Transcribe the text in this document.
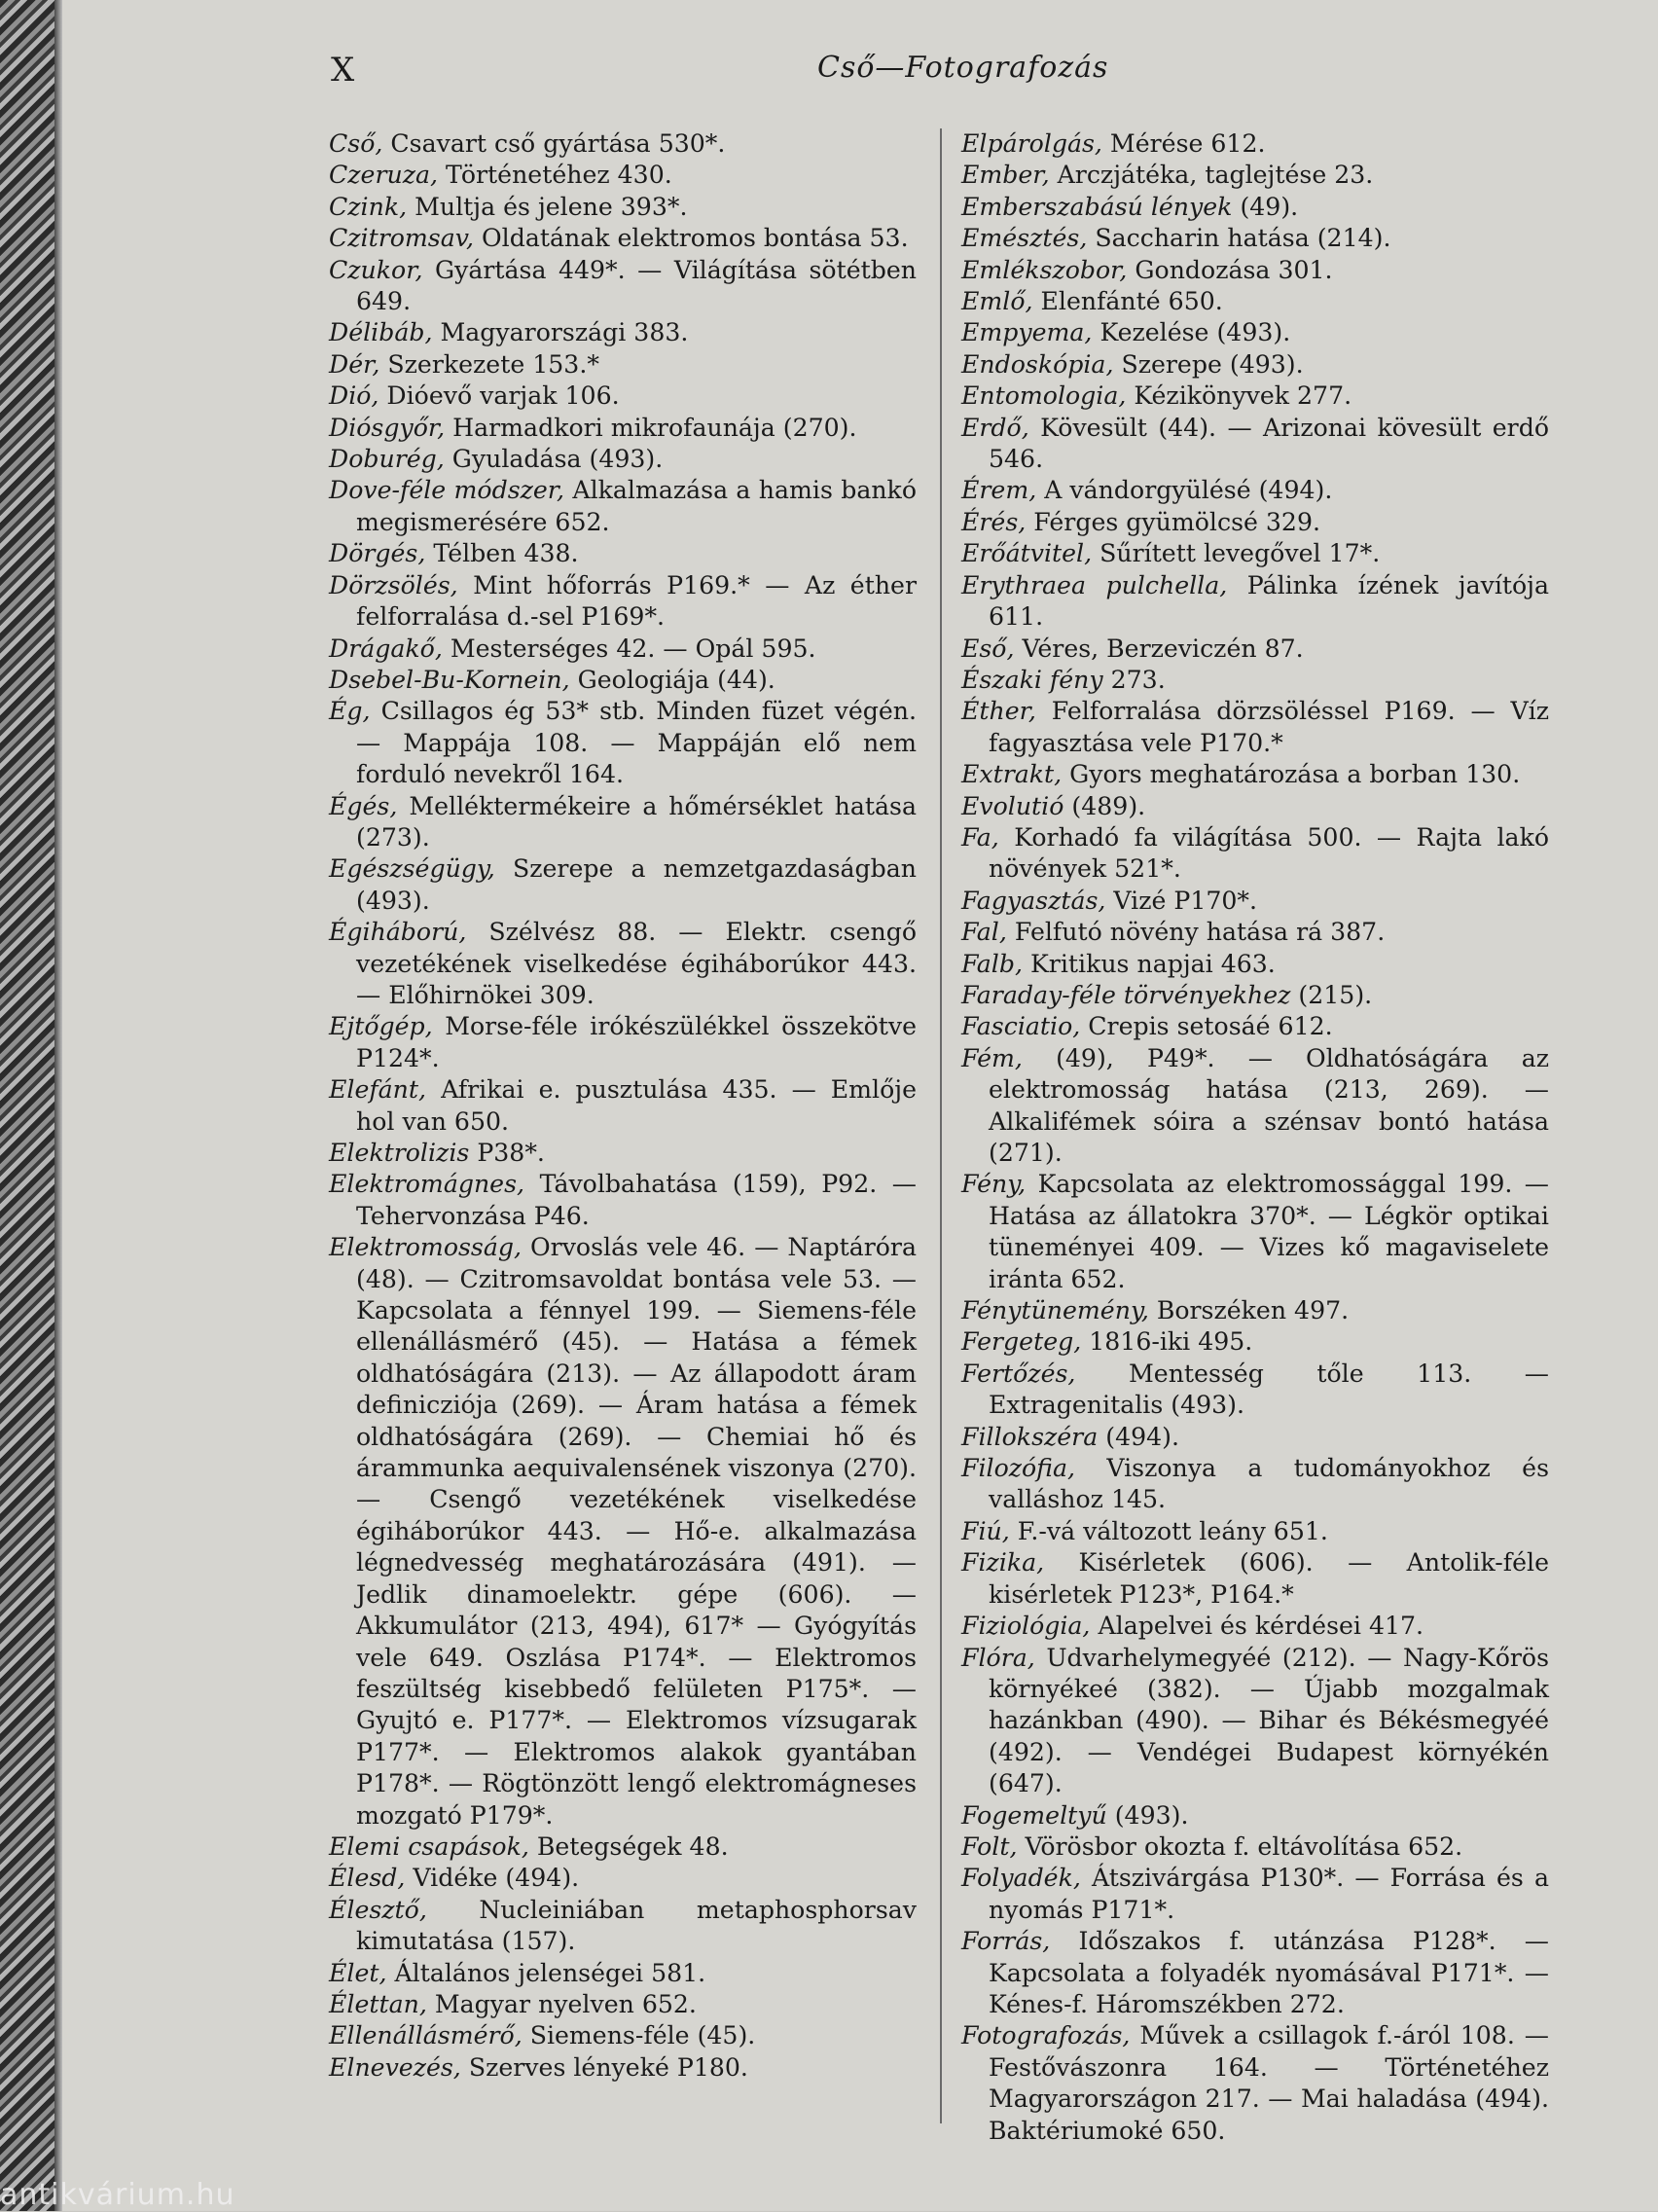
X	Cső—Fotografozás

Cső, Csavart cső gyártása 530*.

Czeruza, Történetéhez 430.

Czink, Multja és jelene 393*.

Czitromsav, Oldatának elektromos bontása 53.

Czukor, Gyártása 449*. — Világítása sötétben 649.

Délibáb, Magyarországi 383.

Dér, Szerkezete 153.*

Dió, Dióevő varjak 106.

Diósgyőr, Harmadkori mikrofaunája (270).

Doburég, Gyuladása (493).

Dove-féle módszer, Alkalmazása a hamis bankó megismerésére 652.

Dörgés, Télben 438.

Dörzsölés, Mint hőforrás P169.* — Az éther felforralása d.-sel P169*.

Drágakő, Mesterséges 42. — Opál 595.

Dsebel-Bu-Kornein, Geologiája (44).

Ég, Csillagos ég 53* stb. Minden füzet végén. — Mappája 108. — Mappáján elő nem forduló nevekről 164.

Égés, Melléktermékeire a hőmérséklet hatása (273).

Egészségügy, Szerepe a nemzetgazdaságban (493).

Égiháború, Szélvész 88. — Elektr. csengő vezetékének viselkedése égiháborúkor 443. — Előhirnökei 309.

Ejtőgép, Morse-féle irókészülékkel összekötve P124*.

Elefánt, Afrikai e. pusztulása 435. — Emlője hol van 650.

Elektrolizis P38*.

Elektromágnes, Távolbahatása (159), P92. — Tehervonzása P46.

Elektromosság, Orvoslás vele 46. — Naptáróra (48). — Czitromsavoldat bontása vele 53. — Kapcsolata a fénnyel 199. — Siemens-féle ellenállásmérő (45). — Hatása a fémek oldhatóságára (213). — Az állapodott áram definicziója (269). — Áram hatása a fémek oldhatóságára (269). — Chemiai hő és árammunka aequivalensének viszonya (270). — Csengő vezetékének viselkedése égiháborúkor 443. — Hő-e. alkalmazása légnedvesség meghatározására (491). — Jedlik dinamoelektr. gépe (606). — Akkumulátor (213, 494), 617* — Gyógyítás vele 649. Oszlása P174*. — Elektromos feszültség kisebbedő felületen P175*. — Gyujtó e. P177*. — Elektromos vízsugarak P177*. — Elektromos alakok gyantában P178*. — Rögtönzött lengő elektromágneses mozgató P179*.

Elemi csapások, Betegségek 48.

Élesd, Vidéke (494).

Élesztő, Nucleiniában metaphosphorsav kimutatása (157).

Élet, Általános jelenségei 581.

Élettan, Magyar nyelven 652.

Ellenállásmérő, Siemens-féle (45).

Elnevezés, Szerves lényeké P180.

Elpárolgás, Mérése 612.

Ember, Arczjátéka, taglejtése 23.

Emberszabású lények (49).

Emésztés, Saccharin hatása (214).

Emlékszobor, Gondozása 301.

Emlő, Elenfánté 650.

Empyema, Kezelése (493).

Endoskópia, Szerepe (493).

Entomologia, Kézikönyvek 277.

Erdő, Kövesült (44). — Arizonai kövesült erdő 546.

Érem, A vándorgyülésé (494).

Érés, Férges gyümölcsé 329.

Erőátvitel, Sűrített levegővel 17*.

Erythraea pulchella, Pálinka ízének javítója 611.

Eső, Véres, Berzeviczén 87.

Északi fény 273.

Éther, Felforralása dörzsöléssel P169. — Víz fagyasztása vele P170.*

Extrakt, Gyors meghatározása a borban 130.

Evolutió (489).

Fa, Korhadó fa világítása 500. — Rajta lakó növények 521*.

Fagyasztás, Vizé P170*.

Fal, Felfutó növény hatása rá 387.

Falb, Kritikus napjai 463.

Faraday-féle törvényekhez (215).

Fasciatio, Crepis setosáé 612.

Fém, (49), P49*. — Oldhatóságára az elektromosság hatása (213, 269). — Alkalifémek sóira a szénsav bontó hatása (271).

Fény, Kapcsolata az elektromossággal 199. — Hatása az állatokra 370*. — Légkör optikai tüneményei 409. — Vizes kő magaviselete iránta 652.

Fénytünemény, Borszéken 497.

Fergeteg, 1816-iki 495.

Fertőzés, Mentesség tőle 113. — Extragenitalis (493).

Fillokszéra (494).

Filozófia, Viszonya a tudományokhoz és valláshoz 145.

Fiú, F.-vá változott leány 651.

Fizika, Kisérletek (606). — Antolik-féle kisérletek P123*, P164.*

Fiziológia, Alapelvei és kérdései 417.

Flóra, Udvarhelymegyéé (212). — Nagy-Kőrös környékeé (382). — Újabb mozgalmak hazánkban (490). — Bihar és Békésmegyéé (492). — Vendégei Budapest környékén (647).

Fogemeltyű (493).

Folt, Vörösbor okozta f. eltávolítása 652.

Folyadék, Átszivárgása P130*. — Forrása és a nyomás P171*.

Forrás, Időszakos f. utánzása P128*. — Kapcsolata a folyadék nyomásával P171*. — Kénes-f. Háromszékben 272.

Fotografozás, Művek a csillagok f.-áról 108. — Festővászonra 164. — Történetéhez Magyarországon 217. — Mai haladása (494). Baktériumoké 650.

antikvárium.hu
